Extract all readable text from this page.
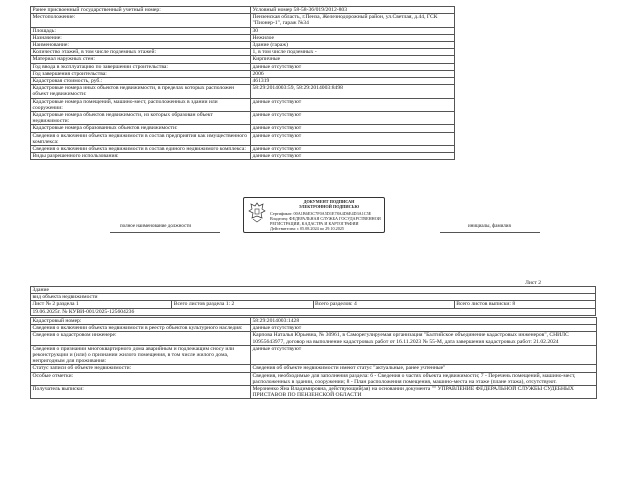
Ранее присвоенный государственный учетный номер:	Условный номер 58-58-36/019/2012-803
Местоположение:	Пензенская область, г.Пенза, Железнодорожный район, ул.Светлая, д.44, ГСК "Пионер-1", гараж №34
Площадь:	30
Назначение:	Нежилое
Наименование:	Здание (гараж)
Количество этажей, в том числе подземных этажей:	1, в том числе подземных -
Материал наружных стен:	Кирпичные
Год ввода в эксплуатацию по завершении строительства:	данные отсутствуют
Год завершения строительства:	2006
Кадастровая стоимость, руб.:	461319
Кадастровые номера иных объектов недвижимости, в пределах которых расположен объект недвижимости:	58:29:2014003:59, 58:29:2014003:8498
Кадастровые номера помещений, машино-мест, расположенных в здании или сооружении:	данные отсутствуют
Кадастровые номера объектов недвижимости, из которых образован объект недвижимости:	данные отсутствуют
Кадастровые номера образованных объектов недвижимости:	данные отсутствуют
Сведения о включении объекта недвижимости в состав предприятия как имущественного комплекса:	данные отсутствуют
Сведения о включении объекта недвижимости в состав единого недвижимого комплекса:	данные отсутствуют
Виды разрешенного использования:	данные отсутствуют
ДОКУМЕНТ ПОДПИСАН
ЭЛЕКТРОННОЙ ПОДПИСЬЮ
Сертификат: 00A1B6E3C7F0A5D1E78A4D6E4D3A1C5E
Владелец: ФЕДЕРАЛЬНАЯ СЛУЖБА ГОСУДАРСТВЕННОЙ
РЕГИСТРАЦИИ, КАДАСТРА И КАРТОГРАФИИ
Действителен: с 05.08.2024 по 29.10.2025
полное наименование должности	инициалы, фамилия
Лист 2
Здание
вид объекта недвижимости
Лист № 2 раздела 1	Всего листов раздела 1: 2	Всего разделов: 4	Всего листов выписки: 8
19.06.2025г. № КУВИ-001/2025-125604236
Кадастровый номер:	58:29:2014003:1428
Сведения о включении объекта недвижимости в реестр объектов культурного наследия:	данные отсутствуют
Сведения о кадастровом инженере:	Карпова Наталья Юрьевна, № 30961, в Саморегулируемая организация "Балтийское объединение кадастровых инженеров", СНИЛС 10955643977, договор на выполнение кадастровых работ от 16.11.2023 № 55-М, дата завершения кадастровых работ: 21.02.2024
Сведения о признании многоквартирного дома аварийным и подлежащим сносу или реконструкции и (или) о признании жилого помещения, в том числе жилого дома, непригодным для проживания:	данные отсутствуют
Статус записи об объекте недвижимости:	Сведения об объекте недвижимости имеют статус "актуальные, ранее учтенные"
Особые отметки:	Сведения, необходимые для заполнения раздела: 6 - Сведения о частях объекта недвижимости; 7 - Перечень помещений, машино-мест, расположенных в здании, сооружении; 8 - План расположения помещения, машино-места на этаже (плане этажа), отсутствуют.
Получатель выписки:	Мерзненко Яна Владимировна, действующий(ая) на основании документа "" УПРАВЛЕНИЕ ФЕДЕРАЛЬНОЙ СЛУЖБЫ СУДЕБНЫХ ПРИСТАВОВ ПО ПЕНЗЕНСКОЙ ОБЛАСТИ
